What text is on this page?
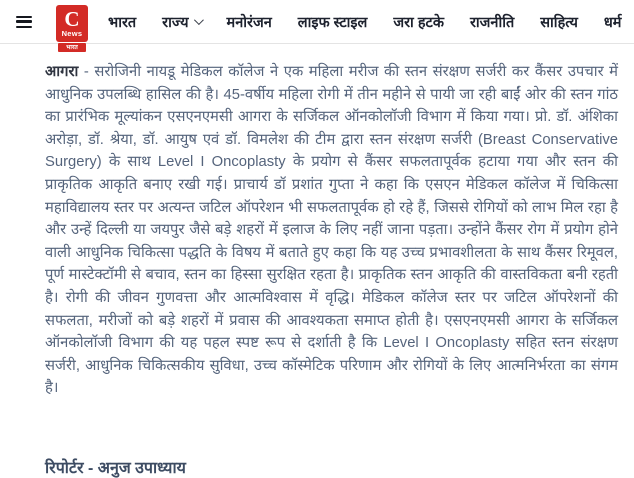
C
News
भारत
भारत राज्य	मनोरंजन लाइफ स्टाइल जरा हटके राजनीति साहित्य धर्म

आगरा - सरोजिनी नायडू मेडिकल कॉलेज ने एक महिला मरीज की स्तन संरक्षण सर्जरी कर कैंसर उपचार में आधुनिक उपलब्धि हासिल की है। 45-वर्षीय महिला रोगी में तीन महीने से पायी जा रही बाईं ओर की स्तन गांठ का प्रारंभिक मूल्यांकन एसएनएमसी आगरा के सर्जिकल ऑनकोलॉजी विभाग में किया गया। प्रो. डॉ. अंशिका अरोड़ा, डॉ. श्रेया, डॉ. आयुष एवं डॉ. विमलेश की टीम द्वारा स्तन संरक्षण सर्जरी (Breast Conservative Surgery) के साथ Level I Oncoplasty के प्रयोग से कैंसर सफलतापूर्वक हटाया गया और स्तन की प्राकृतिक आकृति बनाए रखी गई। प्राचार्य डॉ प्रशांत गुप्ता ने कहा कि एसएन मेडिकल कॉलेज में चिकित्सा महाविद्यालय स्तर पर अत्यन्त जटिल ऑपरेशन भी सफलतापूर्वक हो रहे हैं, जिससे रोगियों को लाभ मिल रहा है और उन्हें दिल्ली या जयपुर जैसे बड़े शहरों में इलाज के लिए नहीं जाना पड़ता। उन्होंने कैंसर रोग में प्रयोग होने वाली आधुनिक चिकित्सा पद्धति के विषय में बताते हुए कहा कि यह उच्च प्रभावशीलता के साथ कैंसर रिमूवल, पूर्ण मास्टेक्टॉमी से बचाव, स्तन का हिस्सा सुरक्षित रहता है। प्राकृतिक स्तन आकृति की वास्तविकता बनी रहती है। रोगी की जीवन गुणवत्ता और आत्मविश्वास में वृद्धि। मेडिकल कॉलेज स्तर पर जटिल ऑपरेशनों की सफलता, मरीजों को बड़े शहरों में प्रवास की आवश्यकता समाप्त होती है। एसएनएमसी आगरा के सर्जिकल ऑनकोलॉजी विभाग की यह पहल स्पष्ट रूप से दर्शाती है कि Level I Oncoplasty सहित स्तन संरक्षण सर्जरी, आधुनिक चिकित्सकीय सुविधा, उच्च कॉस्मेटिक परिणाम और रोगियों के लिए आत्मनिर्भरता का संगम है।

रिपोर्टर - अनुज उपाध्याय
